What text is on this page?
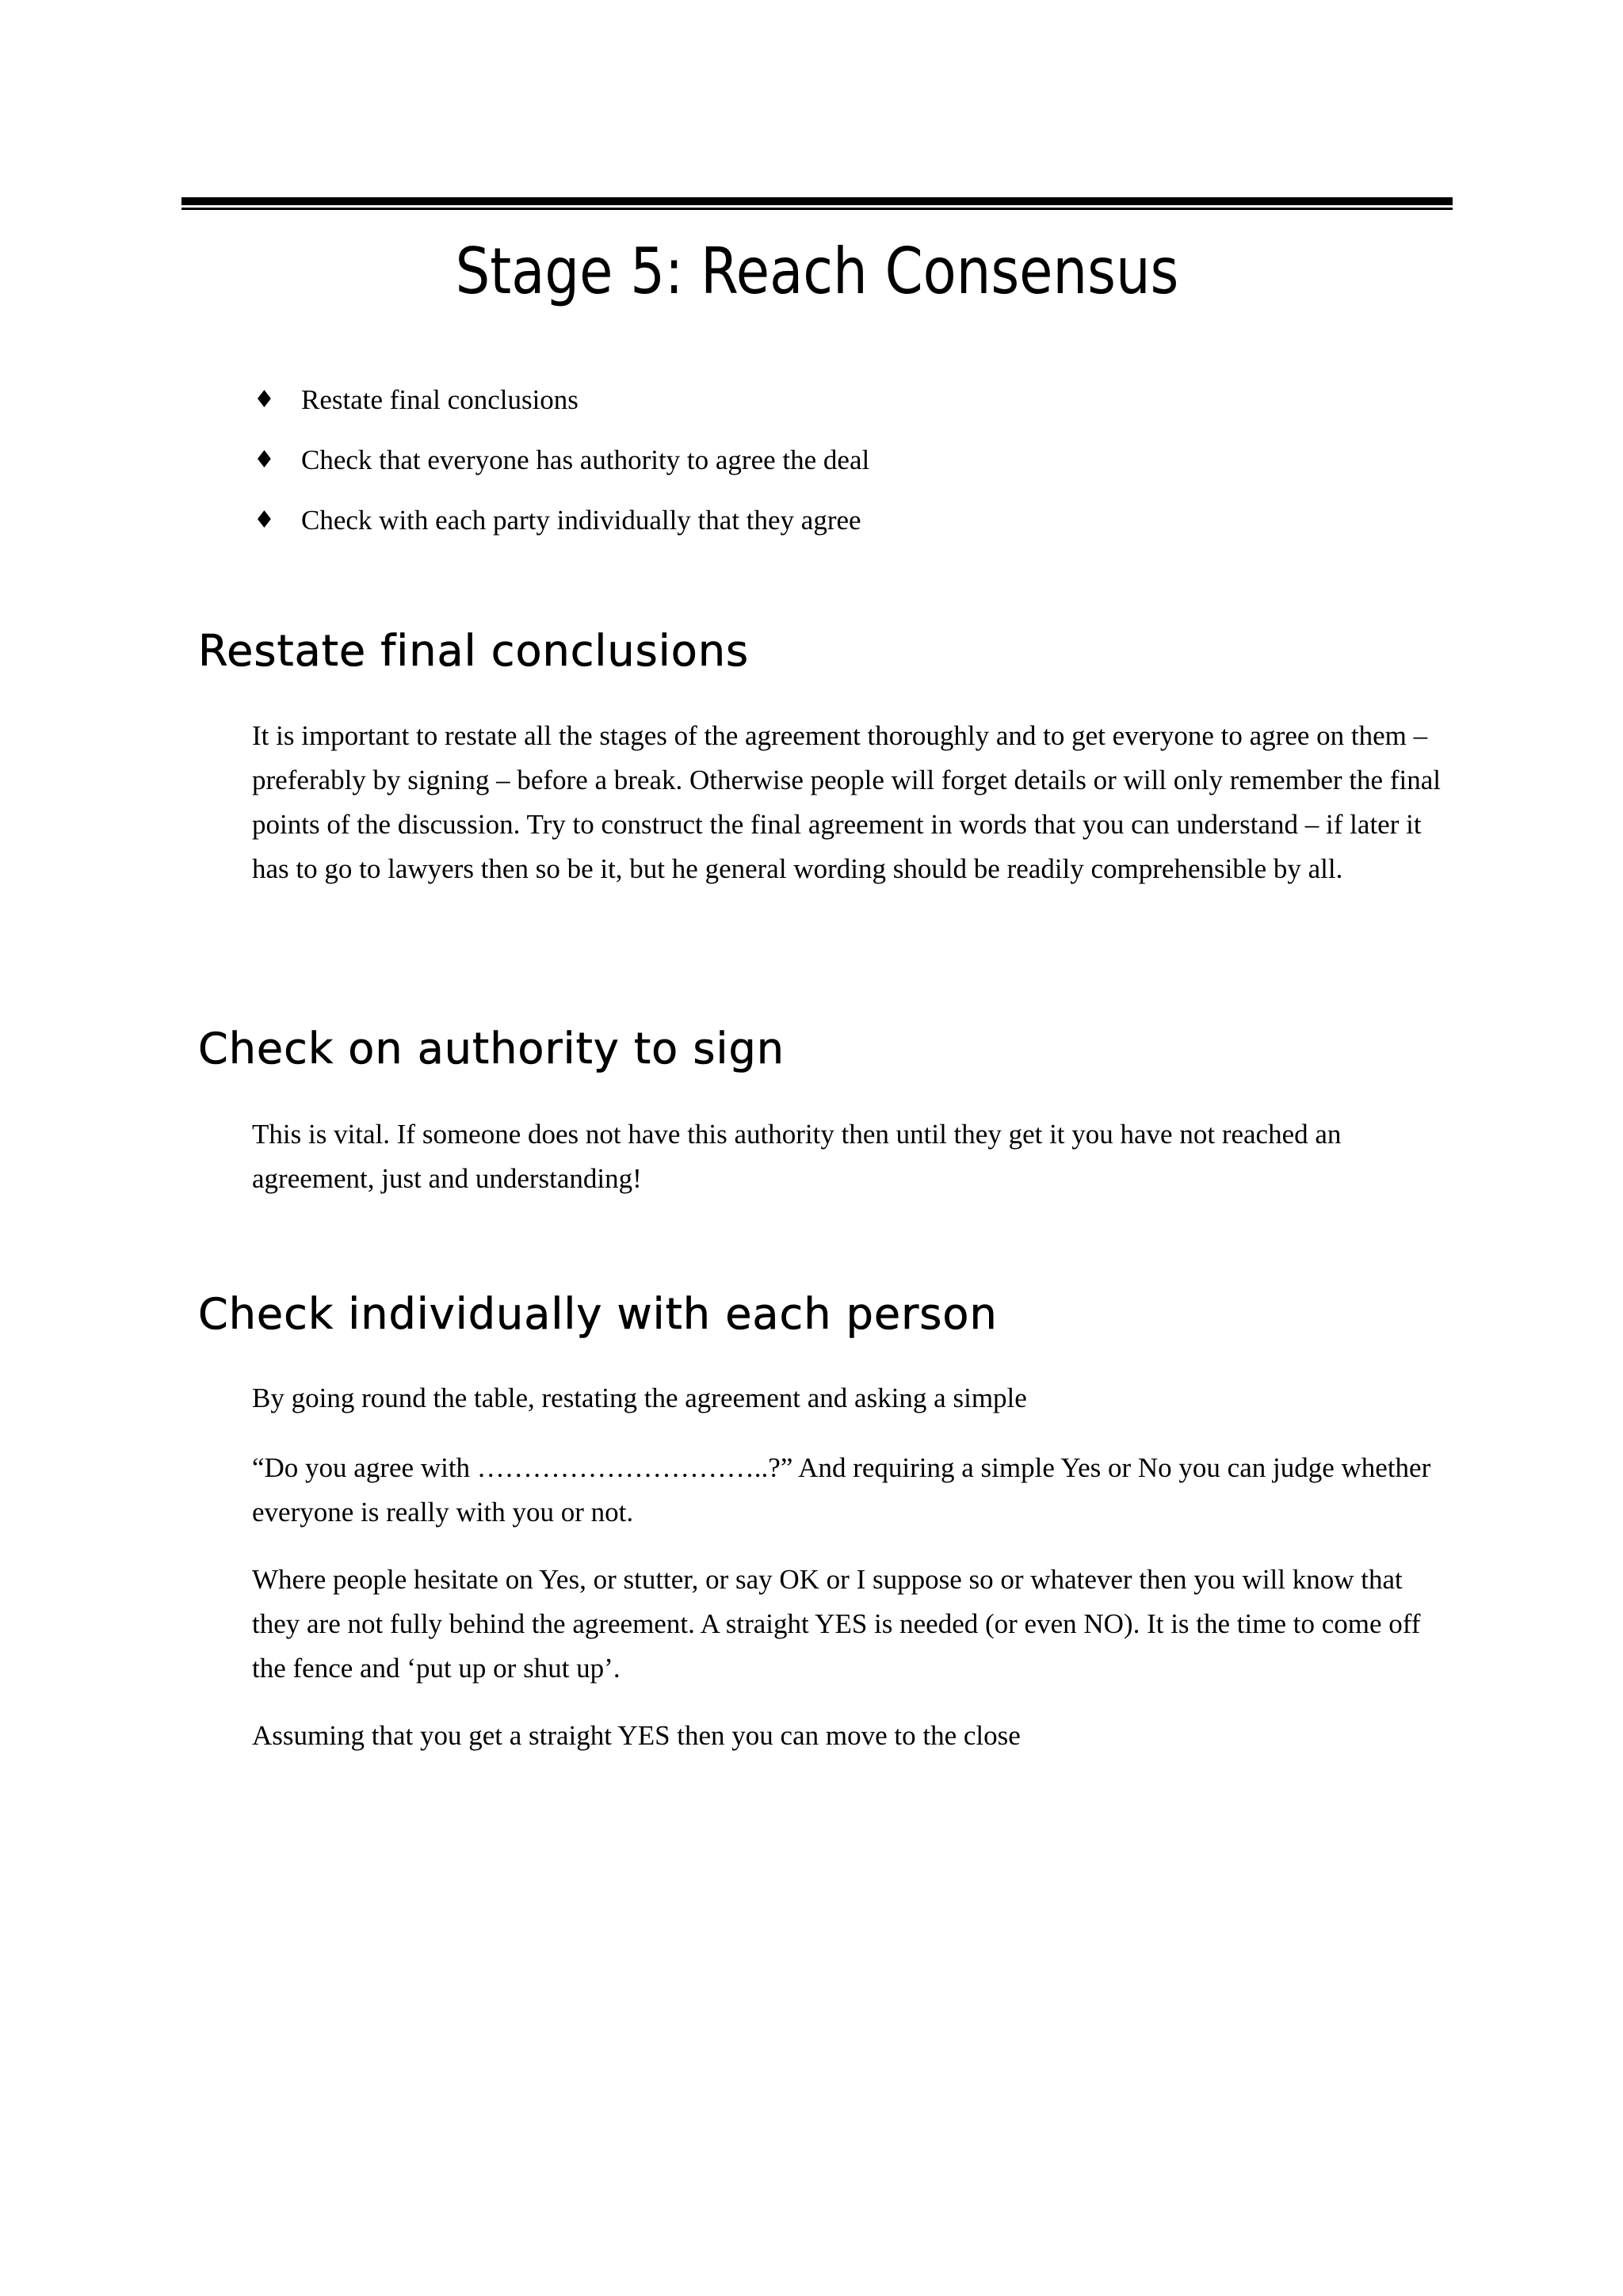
Stage 5: Reach Consensus
♦ Restate final conclusions
♦ Check that everyone has authority to agree the deal
♦ Check with each party individually that they agree
Restate final conclusions

It is important to restate all the stages of the agreement thoroughly and to get everyone to agree on them –preferably by signing – before a break. Otherwise people will forget details or will only remember the final points of the discussion. Try to construct the final agreement in words that you can understand – if later it has to go to lawyers then so be it, but he general wording should be readily comprehensible by all.

Check on authority to sign

This is vital. If someone does not have this authority then until they get it you have not reached an agreement, just and understanding!

Check individually with each person

By going round the table, restating the agreement and asking a simple

“Do you agree with …………………………..?” And requiring a simple Yes or No you can judge whether everyone is really with you or not.

Where people hesitate on Yes, or stutter, or say OK or I suppose so or whatever then you will know that they are not fully behind the agreement. A straight YES is needed (or even NO). It is the time to come off the fence and ‘put up or shut up’.

Assuming that you get a straight YES then you can move to the close
